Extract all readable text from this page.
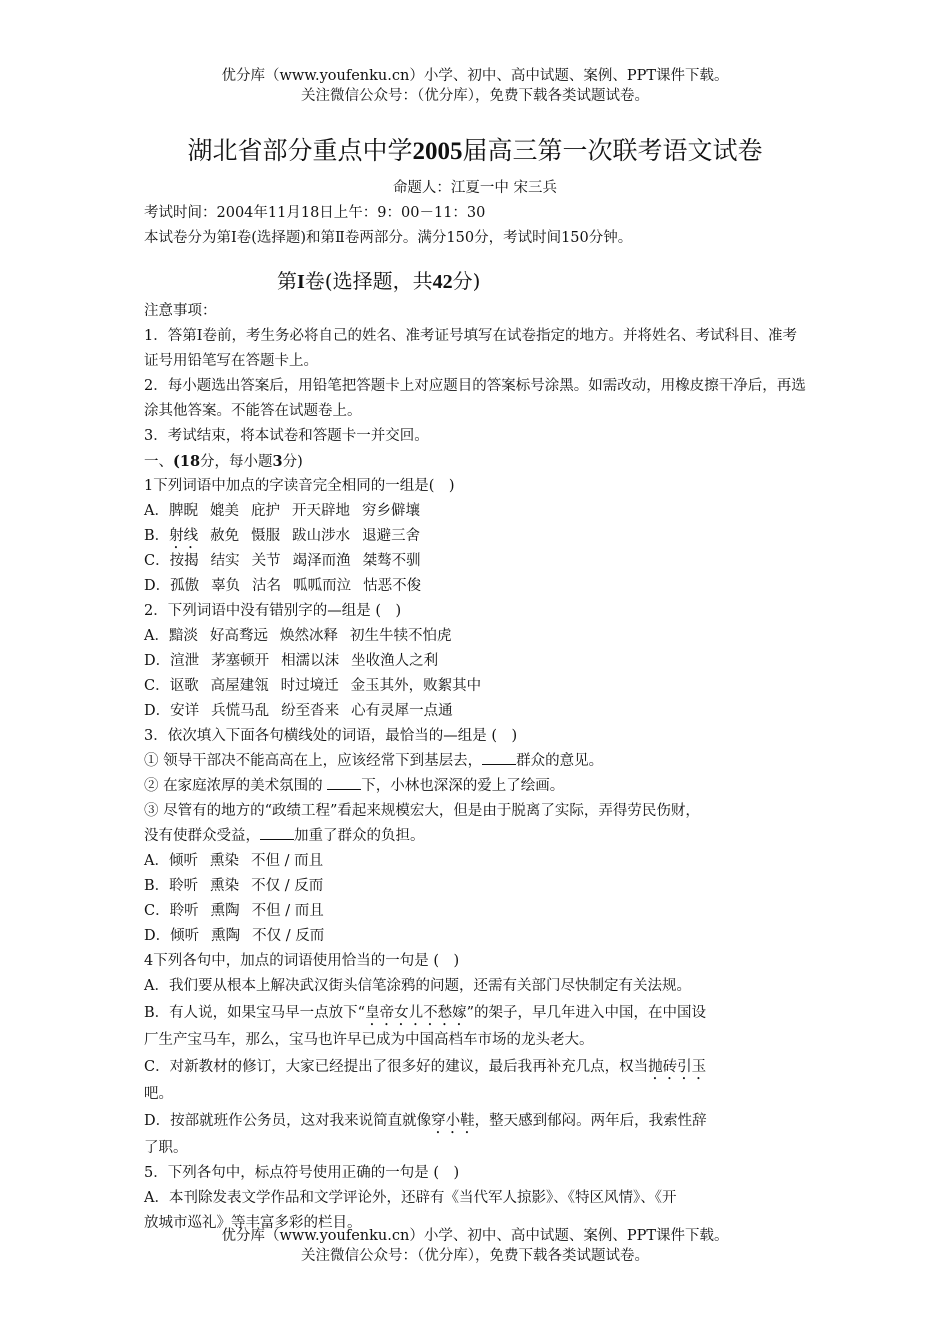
优分库（www.youfenku.cn）小学、初中、高中试题、案例、PPT课件下载。
关注微信公众号：（优分库），免费下载各类试题试卷。
湖北省部分重点中学2005届高三第一次联考语文试卷
命题人：江夏一中 宋三兵
考试时间：2004年11月18日上午：9：00－11：30
本试卷分为第I卷(选择题)和第Ⅱ卷两部分。满分150分，考试时间150分钟。
第I卷(选择题，共42分)
注意事项：
1．答第I卷前，考生务必将自己的姓名、准考证号填写在试卷指定的地方。并将姓名、考试科目、准考证号用铅笔写在答题卡上。
2．每小题选出答案后，用铅笔把答题卡上对应题目的答案标号涂黑。如需改动，用橡皮擦干净后，再选涂其他答案。不能答在试题卷上。
3．考试结束，将本试卷和答题卡一并交回。
一、(18分，每小题3分)
1下列词语中加点的字读音完全相同的一组是(　)
A．脾睨 媲美 庇护 开天辟地 穷乡僻壤
B．射线 赦免 慑服 跋山涉水 退避三舍
C．按揭 结实 关节 竭泽而渔 桀骜不驯
D．孤傲 辜负 沽名 呱呱而泣 怙恶不俊
2．下列词语中没有错别字的—组是 (　)
A．黯淡 好高骛远 焕然冰释 初生牛犊不怕虎
D．渲泄 茅塞顿开 相濡以沫 坐收渔人之利
C．讴歌 高屋建瓴 时过境迁 金玉其外，败絮其中
D．安详 兵慌马乱 纷至沓来 心有灵犀一点通
3．依次填入下面各句横线处的词语，最恰当的—组是 (　)
① 领导干部决不能高高在上，应该经常下到基层去， 群众的意见。
② 在家庭浓厚的美术氛围的 下，小林也深深的爱上了绘画。
③ 尽管有的地方的“政绩工程”看起来规模宏大，但是由于脱离了实际，弄得劳民伤财，
没有使群众受益， 加重了群众的负担。
A．倾听 熏染 不但 / 而且
B．聆听 熏染 不仅 / 反而
C．聆听 熏陶 不但 / 而且
D．倾听 熏陶 不仅 / 反而
4下列各句中，加点的词语使用恰当的一句是 (　)
A．我们要从根本上解决武汉街头信笔涂鸦的问题，还需有关部门尽快制定有关法规。
B．有人说，如果宝马早一点放下“皇帝女儿不愁嫁”的架子，早几年进入中国，在中国设
厂生产宝马车，那么，宝马也许早已成为中国高档车市场的龙头老大。
C．对新教材的修订，大家已经提出了很多好的建议，最后我再补充几点，权当抛砖引玉
吧。
D．按部就班作公务员，这对我来说简直就像穿小鞋，整天感到郁闷。两年后，我索性辞
了职。
5．下列各句中，标点符号使用正确的一句是 (　)
A．本刊除发表文学作品和文学评论外，还辟有《当代军人掠影》、《特区风情》、《开
放城市巡礼》等丰富多彩的栏目。
优分库（www.youfenku.cn）小学、初中、高中试题、案例、PPT课件下载。
关注微信公众号：（优分库），免费下载各类试题试卷。
